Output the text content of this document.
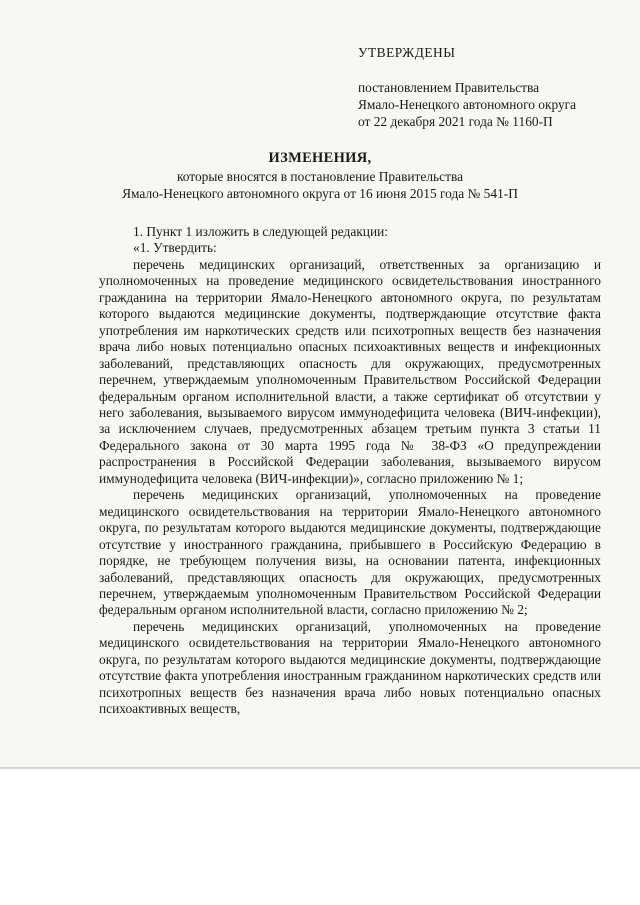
УТВЕРЖДЕНЫ
постановлением Правительства
Ямало-Ненецкого автономного округа
от 22 декабря 2021 года № 1160-П
ИЗМЕНЕНИЯ,
которые вносятся в постановление Правительства
Ямало-Ненецкого автономного округа от 16 июня 2015 года № 541-П

1. Пункт 1 изложить в следующей редакции:

«1. Утвердить:

перечень медицинских организаций, ответственных за организацию и уполномоченных на проведение медицинского освидетельствования иностранного гражданина на территории Ямало-Ненецкого автономного округа, по результатам которого выдаются медицинские документы, подтверждающие отсутствие факта употребления им наркотических средств или психотропных веществ без назначения врача либо новых потенциально опасных психоактивных веществ и инфекционных заболеваний, представляющих опасность для окружающих, предусмотренных перечнем, утверждаемым уполномоченным Правительством Российской Федерации федеральным органом исполнительной власти, а также сертификат об отсутствии у него заболевания, вызываемого вирусом иммунодефицита человека (ВИЧ-инфекции), за исключением случаев, предусмотренных абзацем третьим пункта 3 статьи 11 Федерального закона от 30 марта 1995 года № 38-ФЗ «О предупреждении распространения в Российской Федерации заболевания, вызываемого вирусом иммунодефицита человека (ВИЧ-инфекции)», согласно приложению № 1;

перечень медицинских организаций, уполномоченных на проведение медицинского освидетельствования на территории Ямало-Ненецкого автономного округа, по результатам которого выдаются медицинские документы, подтверждающие отсутствие у иностранного гражданина, прибывшего в Российскую Федерацию в порядке, не требующем получения визы, на основании патента, инфекционных заболеваний, представляющих опасность для окружающих, предусмотренных перечнем, утверждаемым уполномоченным Правительством Российской Федерации федеральным органом исполнительной власти, согласно приложению № 2;

перечень медицинских организаций, уполномоченных на проведение медицинского освидетельствования на территории Ямало-Ненецкого автономного округа, по результатам которого выдаются медицинские документы, подтверждающие отсутствие факта употребления иностранным гражданином наркотических средств или психотропных веществ без назначения врача либо новых потенциально опасных психоактивных веществ,
